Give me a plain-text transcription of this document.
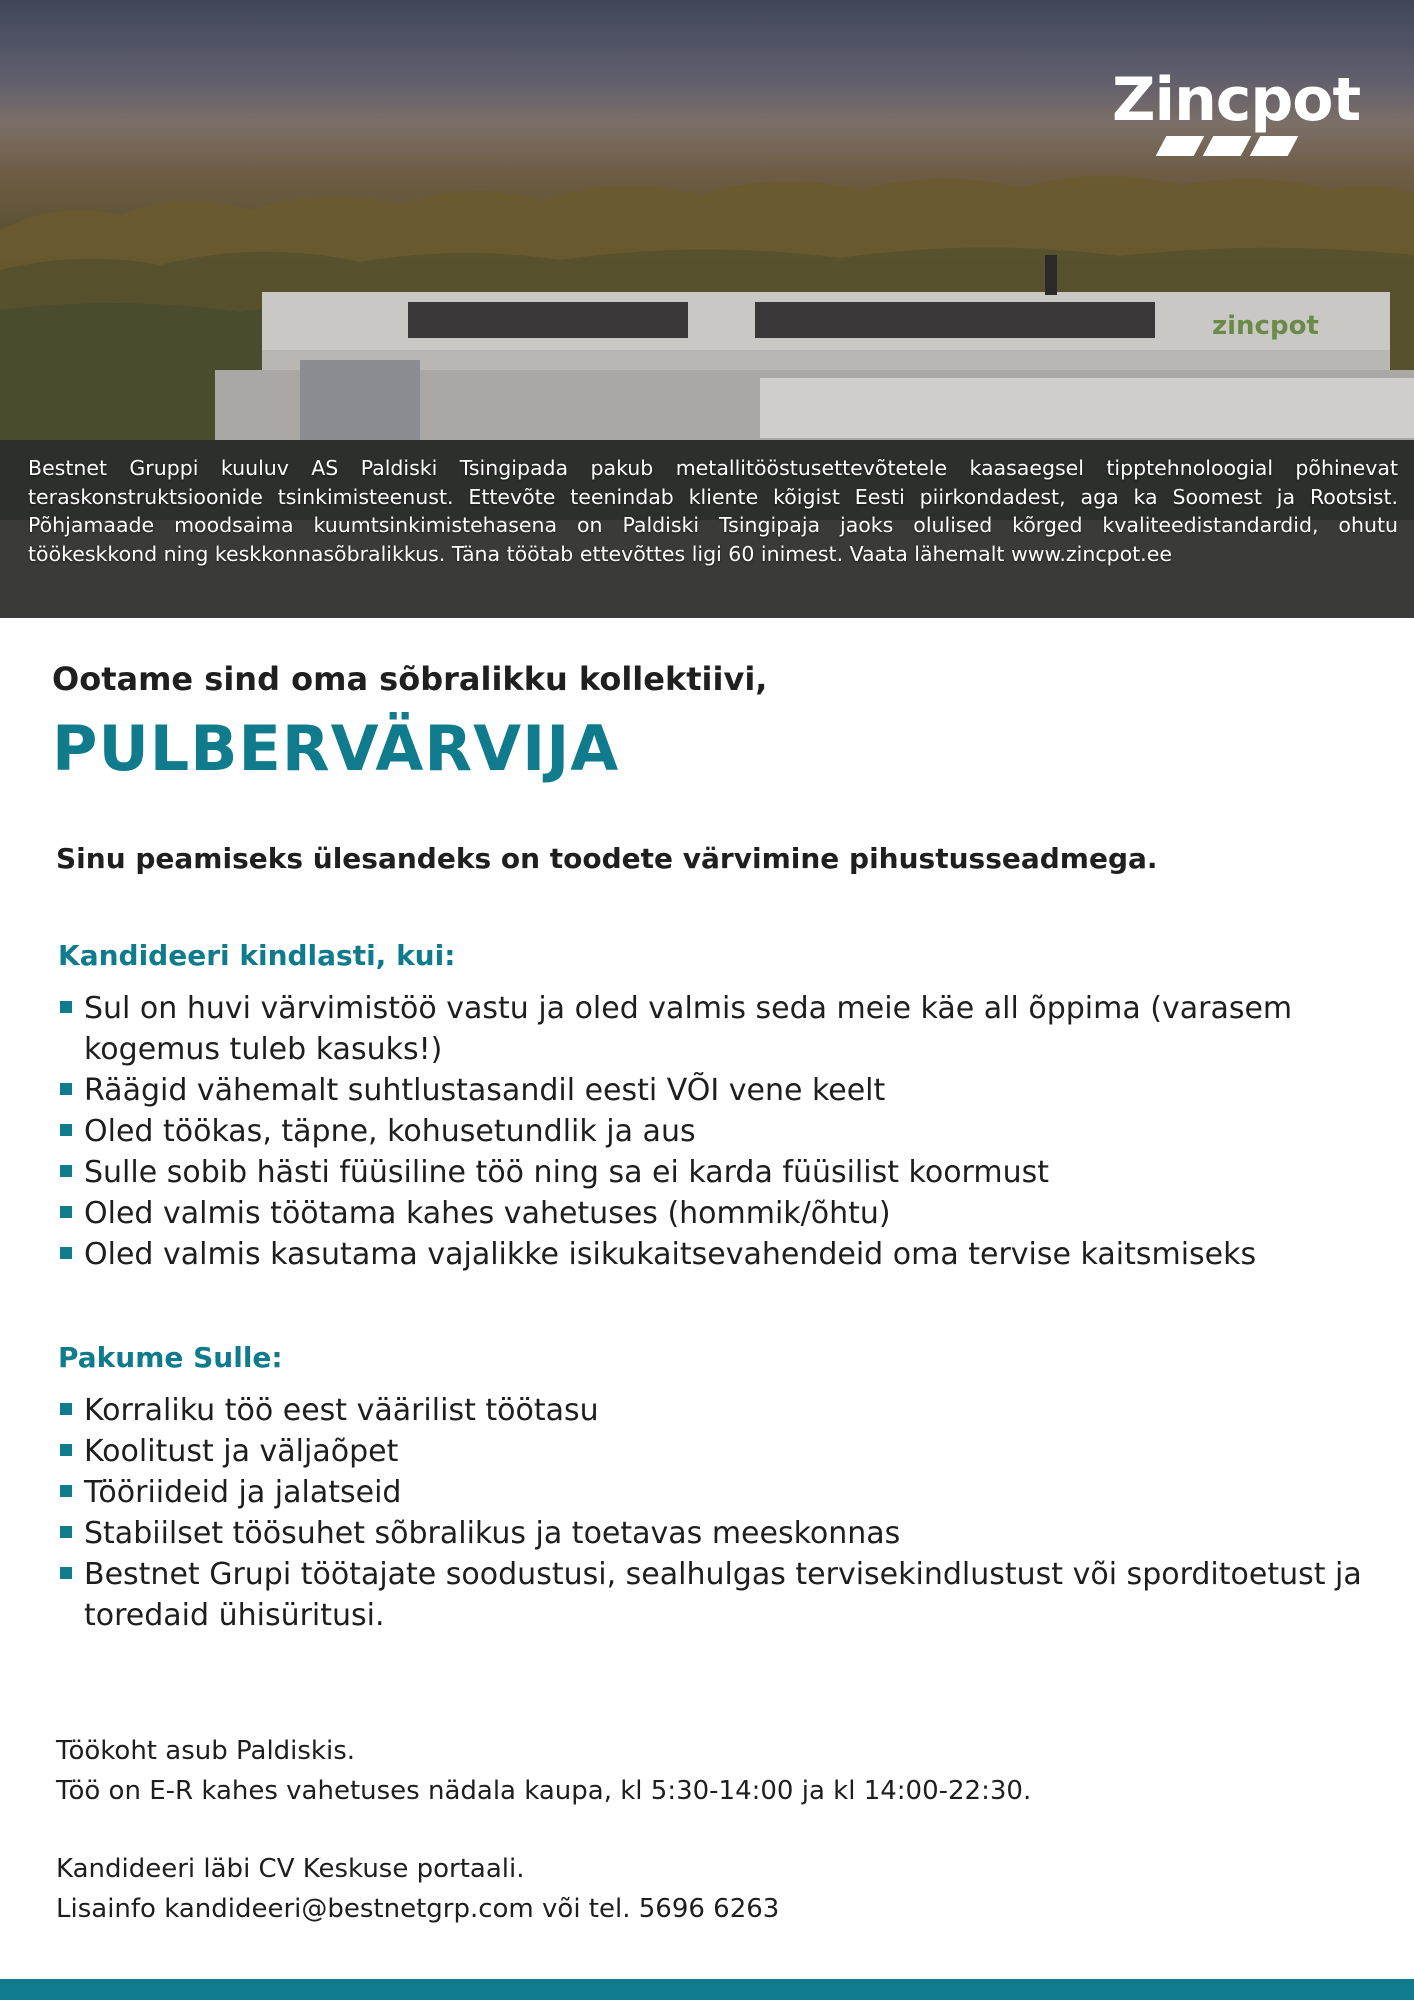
zincpot
Zincpot

Bestnet Gruppi kuuluv AS Paldiski Tsingipada pakub metallitööstusettevõtetele kaasaegsel tipptehnoloogial põhinevat teraskonstruktsioonide tsinkimisteenust. Ettevõte teenindab kliente kõigist Eesti piirkondadest, aga ka Soomest ja Rootsist. Põhjamaade moodsaima kuumtsinkimistehasena on Paldiski Tsingipaja jaoks olulised kõrged kvaliteedistandardid, ohutu töökeskkond ning keskkonnasõbralikkus. Täna töötab ettevõttes ligi 60 inimest. Vaata lähemalt www.zincpot.ee

Ootame sind oma sõbralikku kollektiivi,
PULBERVÄRVIJA

Sinu peamiseks ülesandeks on toodete värvimine pihustusseadmega.

Kandideeri kindlasti, kui:
Sul on huvi värvimistöö vastu ja oled valmis seda meie käe all õppima (varasem kogemus tuleb kasuks!)
Räägid vähemalt suhtlustasandil eesti VÕI vene keelt
Oled töökas, täpne, kohusetundlik ja aus
Sulle sobib hästi füüsiline töö ning sa ei karda füüsilist koormust
Oled valmis töötama kahes vahetuses (hommik/õhtu)
Oled valmis kasutama vajalikke isikukaitsevahendeid oma tervise kaitsmiseks
Pakume Sulle:
Korraliku töö eest väärilist töötasu
Koolitust ja väljaõpet
Tööriideid ja jalatseid
Stabiilset töösuhet sõbralikus ja toetavas meeskonnas
Bestnet Grupi töötajate soodustusi, sealhulgas tervisekindlustust või sporditoetust ja toredaid ühisüritusi.

Töökoht asub Paldiskis.

Töö on E-R kahes vahetuses nädala kaupa, kl 5:30-14:00 ja kl 14:00-22:30.

Kandideeri läbi CV Keskuse portaali.

Lisainfo kandideeri@bestnetgrp.com või tel. 5696 6263
